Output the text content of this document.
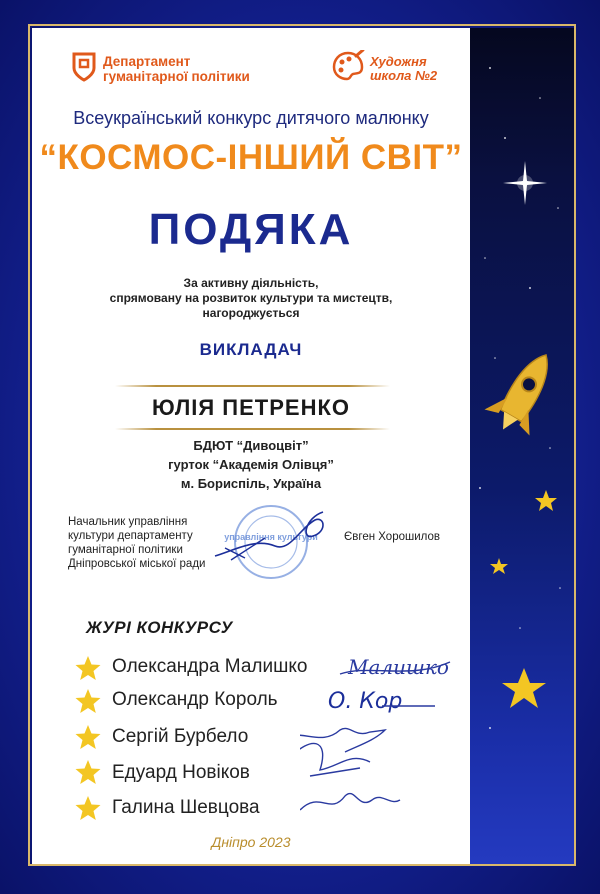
Департамент
гуманітарної політики
Художня
школа №2
Всеукраїнський конкурс дитячого малюнку
“КОСМОС-ІНШИЙ СВІТ”
ПОДЯКА
За активну діяльність,
спрямовану на розвиток культури та мистецтв,
нагороджується
ВИКЛАДАЧ
ЮЛІЯ ПЕТРЕНКО
БДЮТ “Дивоцвіт”
гурток “Академія Олівця”
м. Бориспіль, Україна
Начальник управління
культури департаменту
гуманітарної політики
Дніпровської міської ради
управління культури Євген Хорошилов
ЖУРІ КОНКУРСУ
Олександра Малишко
Олександр Король
Сергій Бурбело
Едуард Новіков
Галина Шевцова
Малишко
О. Кор
Дніпро 2023
